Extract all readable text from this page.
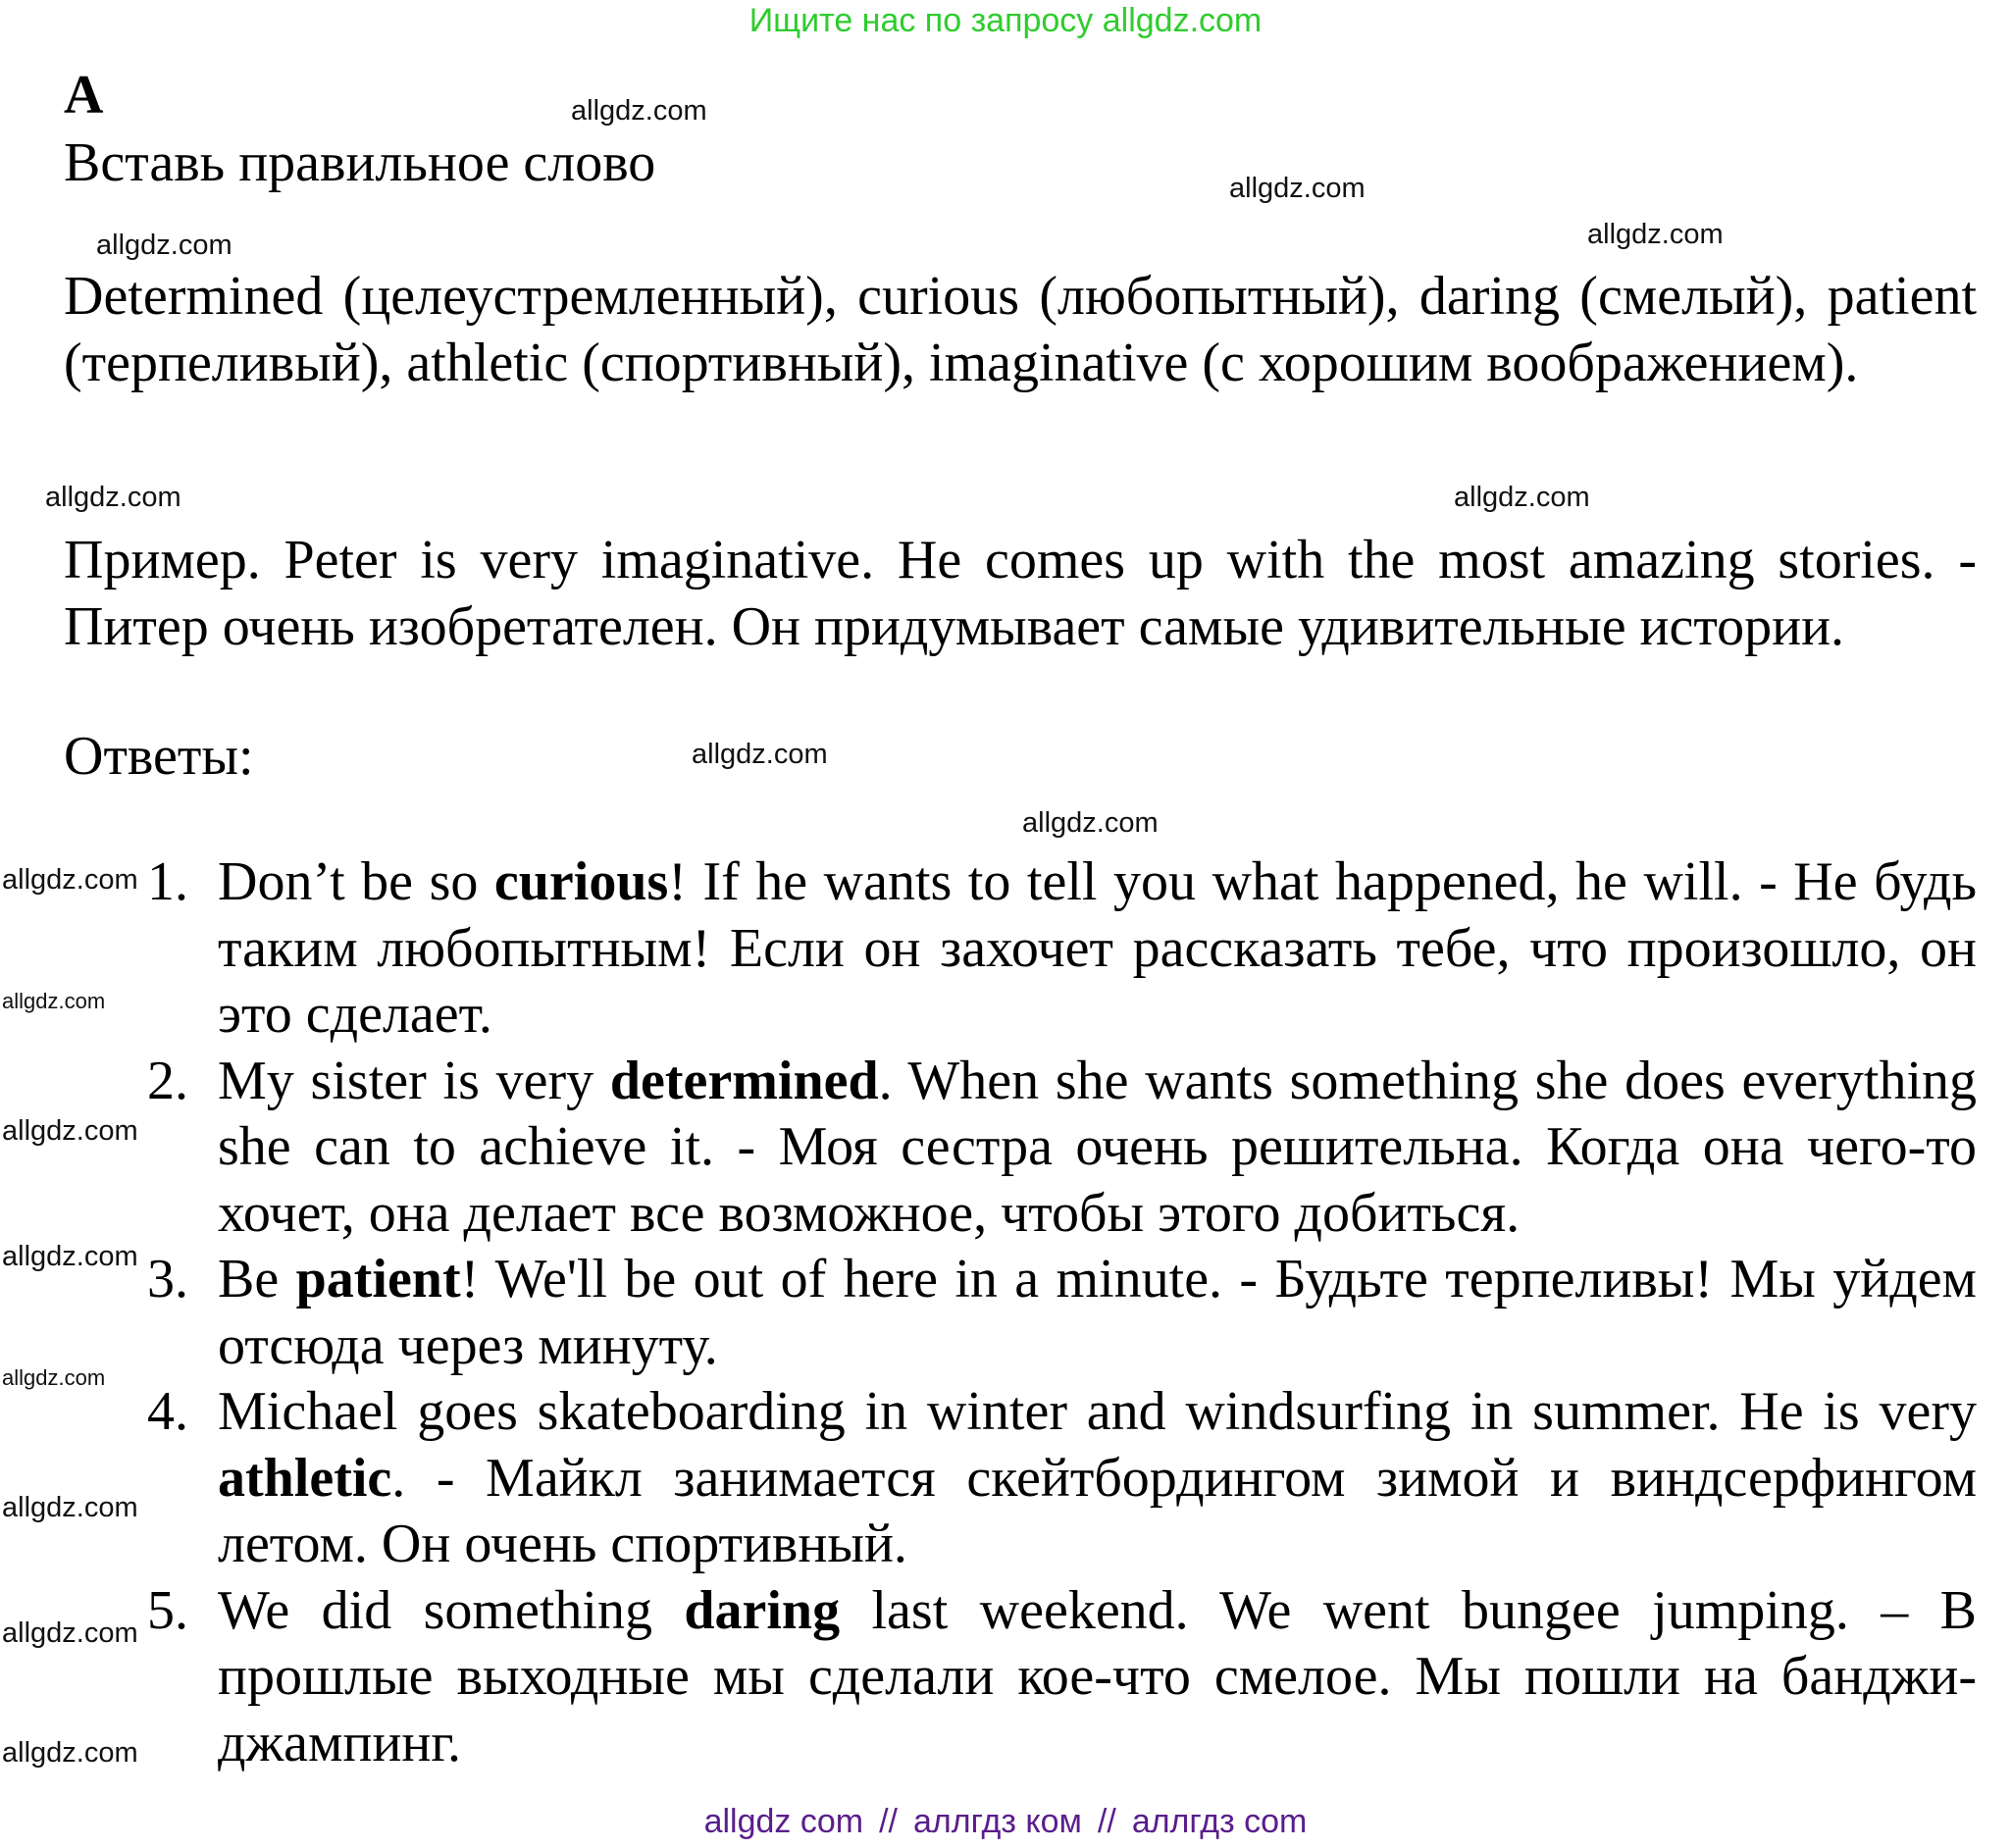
Ищите нас по запросу allgdz.com
A
Вставь правильное слово
Determined (целеустремленный), curious (любопытный), daring (смелый), patient (терпеливый), athletic (спортивный), imaginative (с хорошим воображением).
Пример. Peter is very imaginative. He comes up with the most amazing stories. - Питер очень изобретателен. Он придумывает самые удивительные истории.
Ответы:
1. Don’t be so curious! If he wants to tell you what happened, he will. - Не будь таким любопытным! Если он захочет рассказать тебе, что произошло, он это сделает.
2. My sister is very determined. When she wants something she does everything she can to achieve it. - Моя сестра очень решительна. Когда она чего-то хочет, она делает все возможное, чтобы этого добиться.
3. Be patient! We'll be out of here in a minute. - Будьте терпеливы! Мы уйдем отсюда через минуту.
4. Michael goes skateboarding in winter and windsurfing in summer. He is very athletic. - Майкл занимается скейтбордингом зимой и виндсерфингом летом. Он очень спортивный.
5. We did something daring last weekend. We went bungee jumping. – В прошлые выходные мы сделали кое-что смелое. Мы пошли на банджи-джампинг.
allgdz.com
allgdz.com
allgdz.com	allgdz.com
allgdz.com	allgdz.com
allgdz.com
allgdz.com
allgdz.com
allgdz.com
allgdz.com
allgdz.com
allgdz.com
allgdz.com
allgdz.com
allgdz.com
allgdz com // аллгдз ком // аллгдз com
